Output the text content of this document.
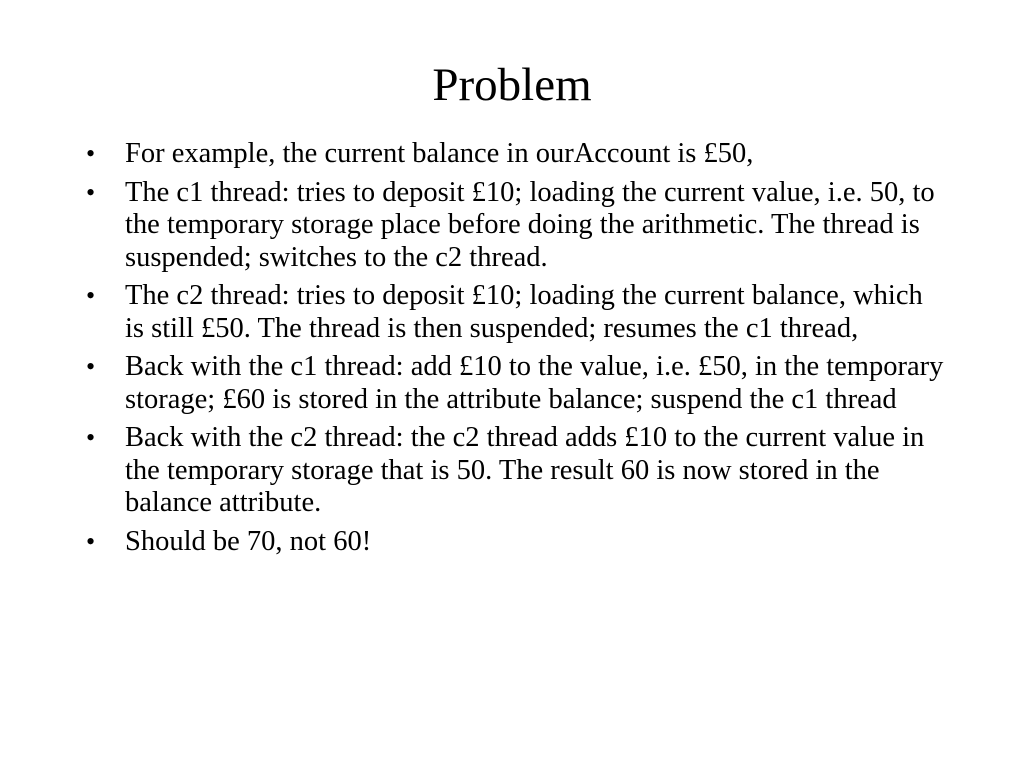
Problem
• For example, the current balance in ourAccount is £50,
• The c1 thread: tries to deposit £10; loading the current value, i.e. 50, to the temporary storage place before doing the arithmetic. The thread is suspended; switches to the c2 thread.
• The c2 thread: tries to deposit £10; loading the current balance, which is still £50. The thread is then suspended; resumes the c1 thread,
• Back with the c1 thread: add £10 to the value, i.e. £50, in the temporary storage; £60 is stored in the attribute balance; suspend the c1 thread
• Back with the c2 thread: the c2 thread adds £10 to the current value in the temporary storage that is 50. The result 60 is now stored in the balance attribute.
• Should be 70, not 60!
